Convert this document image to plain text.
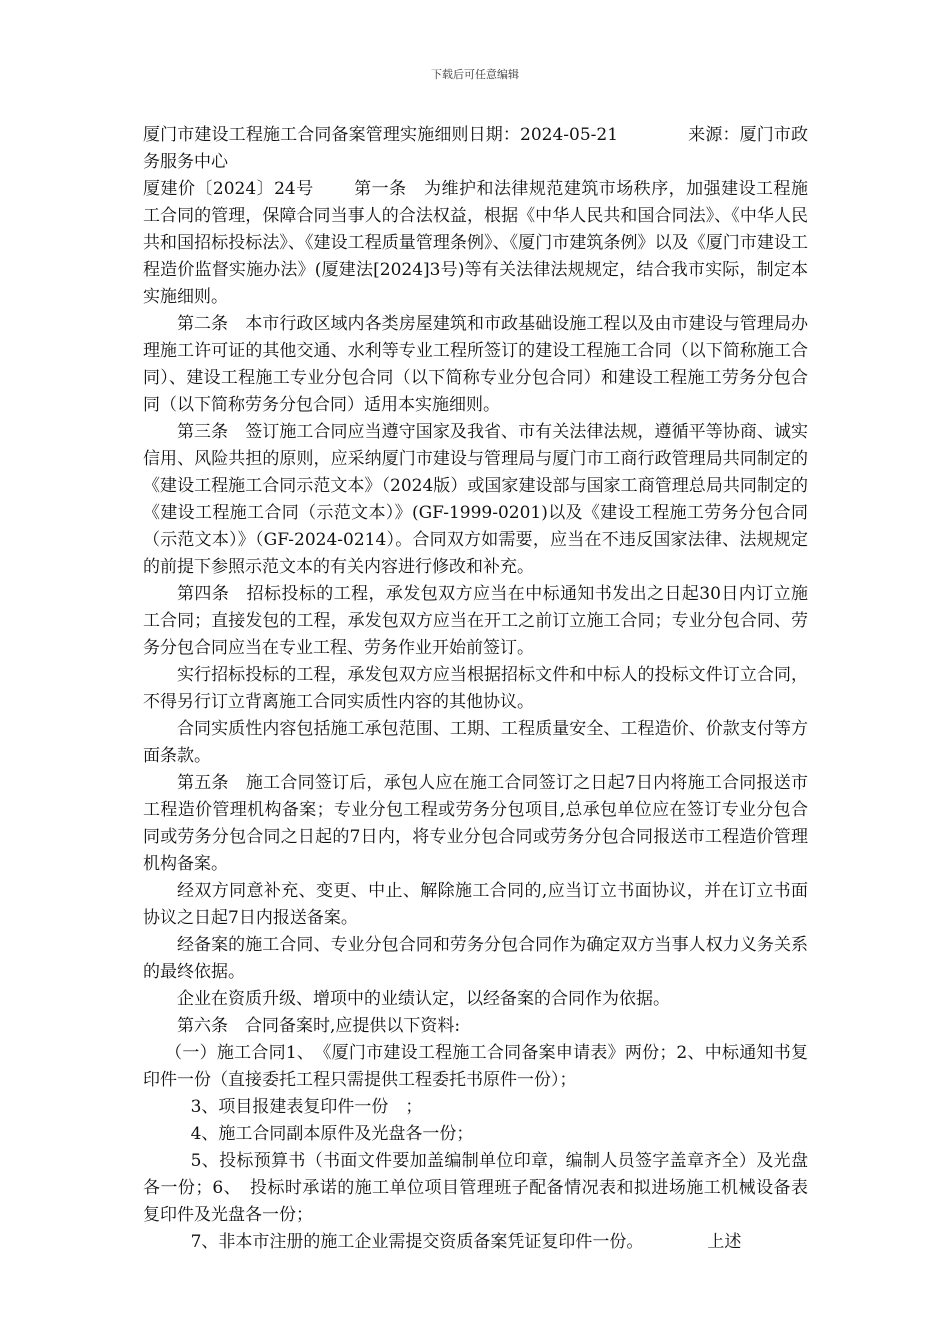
下载后可任意编辑

厦门市建设工程施工合同备案管理实施细则日期：2024-05-21	来源：厦门市政务服务中心

厦建价〔2024〕24号 第一条　为维护和法律规范建筑市场秩序，加强建设工程施工合同的管理，保障合同当事人的合法权益，根据《中华人民共和国合同法》、《中华人民共和国招标投标法》、《建设工程质量管理条例》、《厦门市建筑条例》以及《厦门市建设工程造价监督实施办法》(厦建法[2024]3号)等有关法律法规规定，结合我市实际，制定本实施细则。

第二条　本市行政区域内各类房屋建筑和市政基础设施工程以及由市建设与管理局办理施工许可证的其他交通、水利等专业工程所签订的建设工程施工合同（以下简称施工合同）、建设工程施工专业分包合同（以下简称专业分包合同）和建设工程施工劳务分包合同（以下简称劳务分包合同）适用本实施细则。

第三条　签订施工合同应当遵守国家及我省、市有关法律法规，遵循平等协商、诚实信用、风险共担的原则，应采纳厦门市建设与管理局与厦门市工商行政管理局共同制定的《建设工程施工合同示范文本》（2024版）或国家建设部与国家工商管理总局共同制定的《建设工程施工合同（示范文本）》(GF-1999-0201)以及《建设工程施工劳务分包合同（示范文本）》（GF-2024-0214）。合同双方如需要，应当在不违反国家法律、法规规定的前提下参照示范文本的有关内容进行修改和补充。

第四条　招标投标的工程，承发包双方应当在中标通知书发出之日起30日内订立施工合同；直接发包的工程，承发包双方应当在开工之前订立施工合同；专业分包合同、劳务分包合同应当在专业工程、劳务作业开始前签订。

实行招标投标的工程，承发包双方应当根据招标文件和中标人的投标文件订立合同，不得另行订立背离施工合同实质性内容的其他协议。

合同实质性内容包括施工承包范围、工期、工程质量安全、工程造价、价款支付等方面条款。

第五条　施工合同签订后，承包人应在施工合同签订之日起7日内将施工合同报送市工程造价管理机构备案；专业分包工程或劳务分包项目,总承包单位应在签订专业分包合同或劳务分包合同之日起的7日内，将专业分包合同或劳务分包合同报送市工程造价管理机构备案。

经双方同意补充、变更、中止、解除施工合同的,应当订立书面协议，并在订立书面协议之日起7日内报送备案。

经备案的施工合同、专业分包合同和劳务分包合同作为确定双方当事人权力义务关系的最终依据。

企业在资质升级、增项中的业绩认定，以经备案的合同作为依据。

第六条　合同备案时,应提供以下资料:

（一）施工合同1、　《厦门市建设工程施工合同备案申请表》两份；2、中标通知书复印件一份（直接委托工程只需提供工程委托书原件一份）；

3、项目报建表复印件一份　；

4、施工合同副本原件及光盘各一份；

5、投标预算书（书面文件要加盖编制单位印章，编制人员签字盖章齐全）及光盘各一份；6、　投标时承诺的施工单位项目管理班子配备情况表和拟进场施工机械设备表复印件及光盘各一份；

7、非本市注册的施工企业需提交资质备案凭证复印件一份。	上述
